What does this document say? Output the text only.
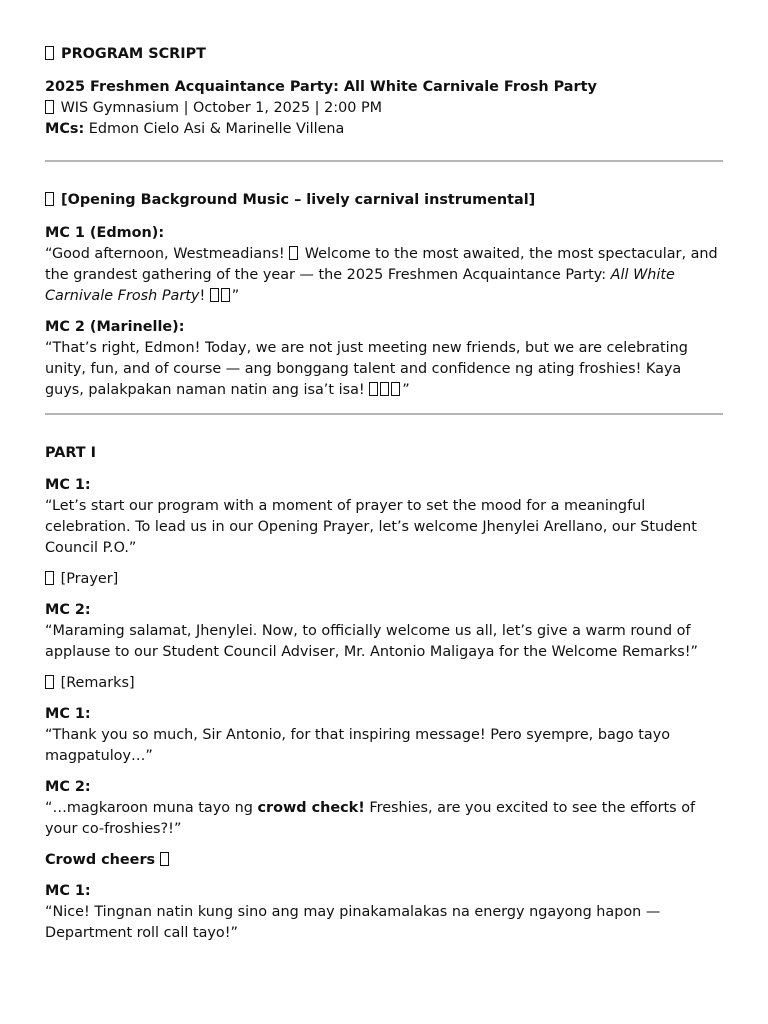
PROGRAM SCRIPT

2025 Freshmen Acquaintance Party: All White Carnivale Frosh Party

WIS Gymnasium | October 1, 2025 | 2:00 PM

MCs: Edmon Cielo Asi & Marinelle Villena

[Opening Background Music – lively carnival instrumental]

MC 1 (Edmon):

“Good afternoon, Westmeadians!  Welcome to the most awaited, the most spectacular, and the grandest gathering of the year — the 2025 Freshmen Acquaintance Party: All White Carnivale Frosh Party! ”

MC 2 (Marinelle):

“That’s right, Edmon! Today, we are not just meeting new friends, but we are celebrating unity, fun, and of course — ang bonggang talent and confidence ng ating froshies! Kaya guys, palakpakan naman natin ang isa’t isa! ”

PART I

MC 1:

“Let’s start our program with a moment of prayer to set the mood for a meaningful celebration. To lead us in our Opening Prayer, let’s welcome Jhenylei Arellano, our Student Council P.O.”

[Prayer]

MC 2:

“Maraming salamat, Jhenylei. Now, to officially welcome us all, let’s give a warm round of applause to our Student Council Adviser, Mr. Antonio Maligaya for the Welcome Remarks!”

[Remarks]

MC 1:

“Thank you so much, Sir Antonio, for that inspiring message! Pero syempre, bago tayo magpatuloy…”

MC 2:

“…magkaroon muna tayo ng crowd check! Freshies, are you excited to see the efforts of your co-froshies?!”

Crowd cheers

MC 1:

“Nice! Tingnan natin kung sino ang may pinakamalakas na energy ngayong hapon — Department roll call tayo!”
